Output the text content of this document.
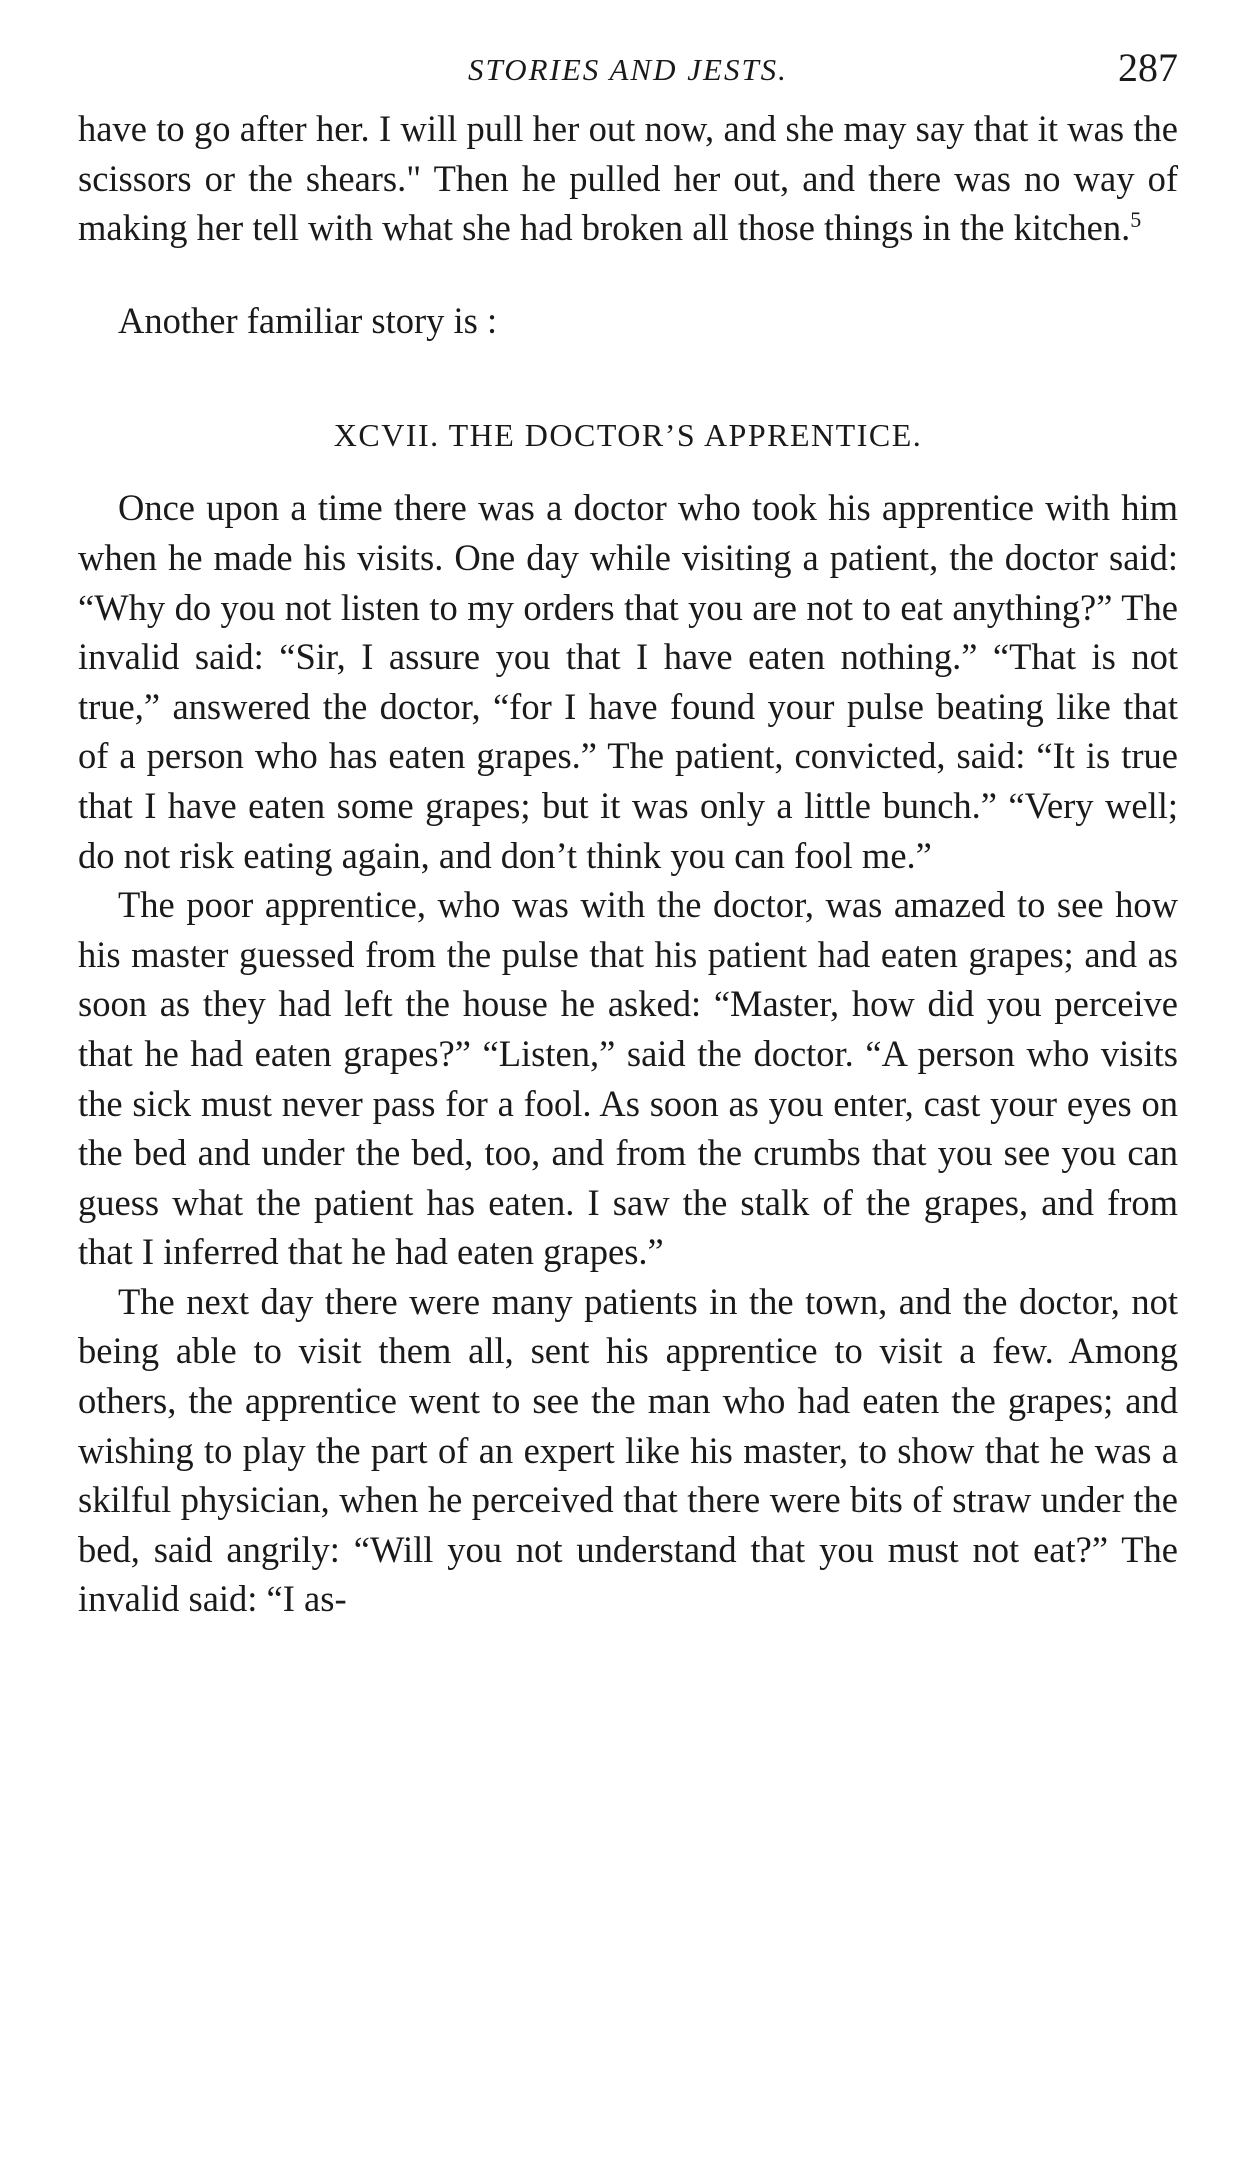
STORIES AND JESTS.	287

have to go after her. I will pull her out now, and she may say that it was the scissors or the shears." Then he pulled her out, and there was no way of making her tell with what she had broken all those things in the kitchen.$^5$

Another familiar story is :

XCVII. THE DOCTOR’S APPRENTICE.

Once upon a time there was a doctor who took his apprentice with him when he made his visits. One day while visiting a patient, the doctor said: “Why do you not listen to my orders that you are not to eat anything?” The invalid said: “Sir, I assure you that I have eaten nothing.” “That is not true,” answered the doctor, “for I have found your pulse beating like that of a person who has eaten grapes.” The patient, convicted, said: “It is true that I have eaten some grapes; but it was only a little bunch.” “Very well; do not risk eating again, and don’t think you can fool me.”

The poor apprentice, who was with the doctor, was amazed to see how his master guessed from the pulse that his patient had eaten grapes; and as soon as they had left the house he asked: “Master, how did you perceive that he had eaten grapes?” “Listen,” said the doctor. “A person who visits the sick must never pass for a fool. As soon as you enter, cast your eyes on the bed and under the bed, too, and from the crumbs that you see you can guess what the patient has eaten. I saw the stalk of the grapes, and from that I inferred that he had eaten grapes.”

The next day there were many patients in the town, and the doctor, not being able to visit them all, sent his apprentice to visit a few. Among others, the apprentice went to see the man who had eaten the grapes; and wishing to play the part of an expert like his master, to show that he was a skilful physician, when he perceived that there were bits of straw under the bed, said angrily: “Will you not understand that you must not eat?” The invalid said: “I as-
